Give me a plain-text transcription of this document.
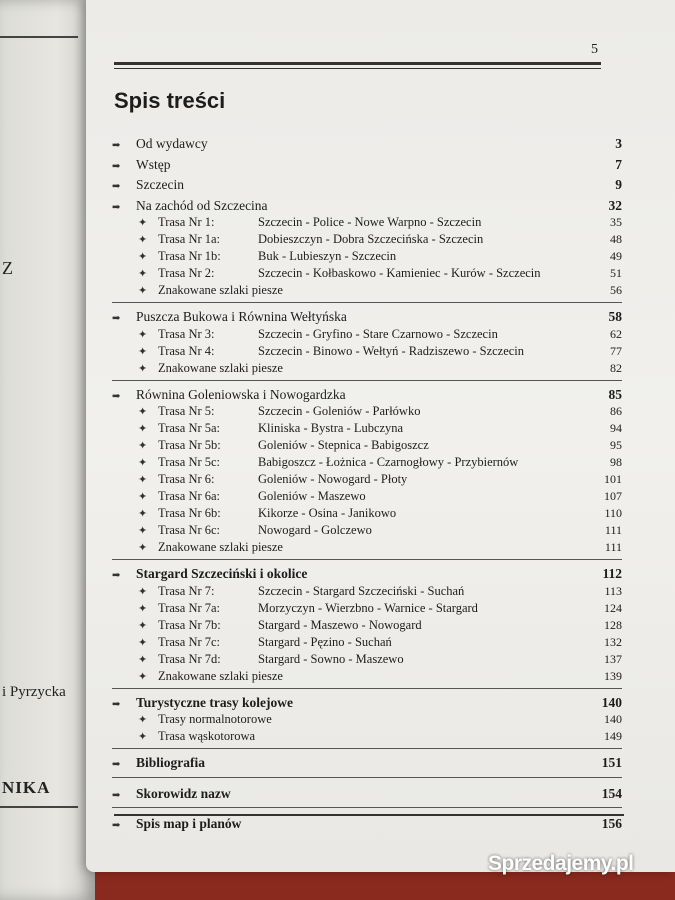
Z
i Pyrzycka
NIKA
5
Spis treści
➡	Od wydawcy	3
➡	Wstęp	7
➡	Szczecin	9
➡	Na zachód od Szczecina	32
✦ Trasa Nr 1:	Szczecin - Police - Nowe Warpno - Szczecin	35
✦ Trasa Nr 1a:	Dobieszczyn - Dobra Szczecińska - Szczecin	48
✦ Trasa Nr 1b:	Buk - Lubieszyn - Szczecin	49
✦ Trasa Nr 2:	Szczecin - Kołbaskowo - Kamieniec - Kurów - Szczecin	51
✦ Znakowane szlaki piesze	56
➡	Puszcza Bukowa i Równina Wełtyńska	58
✦ Trasa Nr 3:	Szczecin - Gryfino - Stare Czarnowo - Szczecin	62
✦ Trasa Nr 4:	Szczecin - Binowo - Wełtyń - Radziszewo - Szczecin	77
✦ Znakowane szlaki piesze	82
➡	Równina Goleniowska i Nowogardzka	85
✦ Trasa Nr 5:	Szczecin - Goleniów - Parłówko	86
✦ Trasa Nr 5a:	Kliniska - Bystra - Lubczyna	94
✦ Trasa Nr 5b:	Goleniów - Stepnica - Babigoszcz	95
✦ Trasa Nr 5c:	Babigoszcz - Łożnica - Czarnogłowy - Przybiernów	98
✦ Trasa Nr 6:	Goleniów - Nowogard - Płoty	101
✦ Trasa Nr 6a:	Goleniów - Maszewo	107
✦ Trasa Nr 6b:	Kikorze - Osina - Janikowo	110
✦ Trasa Nr 6c:	Nowogard - Golczewo	111
✦ Znakowane szlaki piesze	111
➡	Stargard Szczeciński i okolice	112
✦ Trasa Nr 7:	Szczecin - Stargard Szczeciński - Suchań	113
✦ Trasa Nr 7a:	Morzyczyn - Wierzbno - Warnice - Stargard	124
✦ Trasa Nr 7b:	Stargard - Maszewo - Nowogard	128
✦ Trasa Nr 7c:	Stargard - Pęzino - Suchań	132
✦ Trasa Nr 7d:	Stargard - Sowno - Maszewo	137
✦ Znakowane szlaki piesze	139
➡	Turystyczne trasy kolejowe	140
✦ Trasy normalnotorowe	140
✦ Trasa wąskotorowa	149
➡	Bibliografia	151
➡	Skorowidz nazw	154
➡	Spis map i planów	156
Sprzedajemy.pl
